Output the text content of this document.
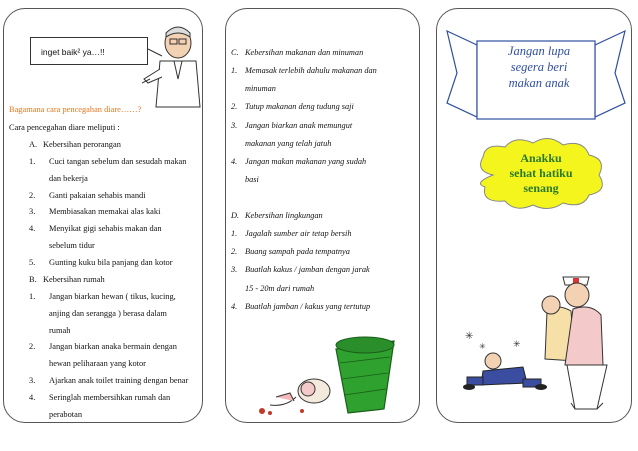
inget baik² ya…!!
Bagamana cara pencegahan diare……?
Cara pencegahan diare meliputi :
A. Kebersihan perorangan
1. Cuci tangan sebelum dan sesudah makan
dan bekerja
2. Ganti pakaian sehabis mandi
3. Membiasakan memakai alas kaki
4. Menyikat gigi sehabis makan dan
sebelum tidur
5. Gunting kuku bila panjang dan kotor
B. Kebersihan rumah
1. Jangan biarkan hewan ( tikus, kucing,
anjing dan serangga ) berasa dalam
rumah
2. Jangan biarkan anaka bermain dengan
hewan peliharaan yang kotor
3. Ajarkan anak toilet training dengan benar
4. Seringlah membersihkan rumah dan
perabotan
C. Kebersihan makanan dan minuman
1. Memasak terlebih dahulu makanan dan
minuman
2. Tutup makanan deng tudung saji
3. Jangan biarkan anak memungut
makanan yang telah jatuh
4. Jangan makan makanan yang sudah
basi
D. Kebersihan lingkungan
1. Jagalah sumber air tetap bersih
2. Buang sampah pada tempatnya
3. Buatlah kakus / jamban dengan jarak
15 - 20m dari rumah
4. Buatlah jamban / kakus yang tertutup
Jangan lupa
segera beri
makan anak
Anakku
sehat hatiku
senang
✳
✳	✳
